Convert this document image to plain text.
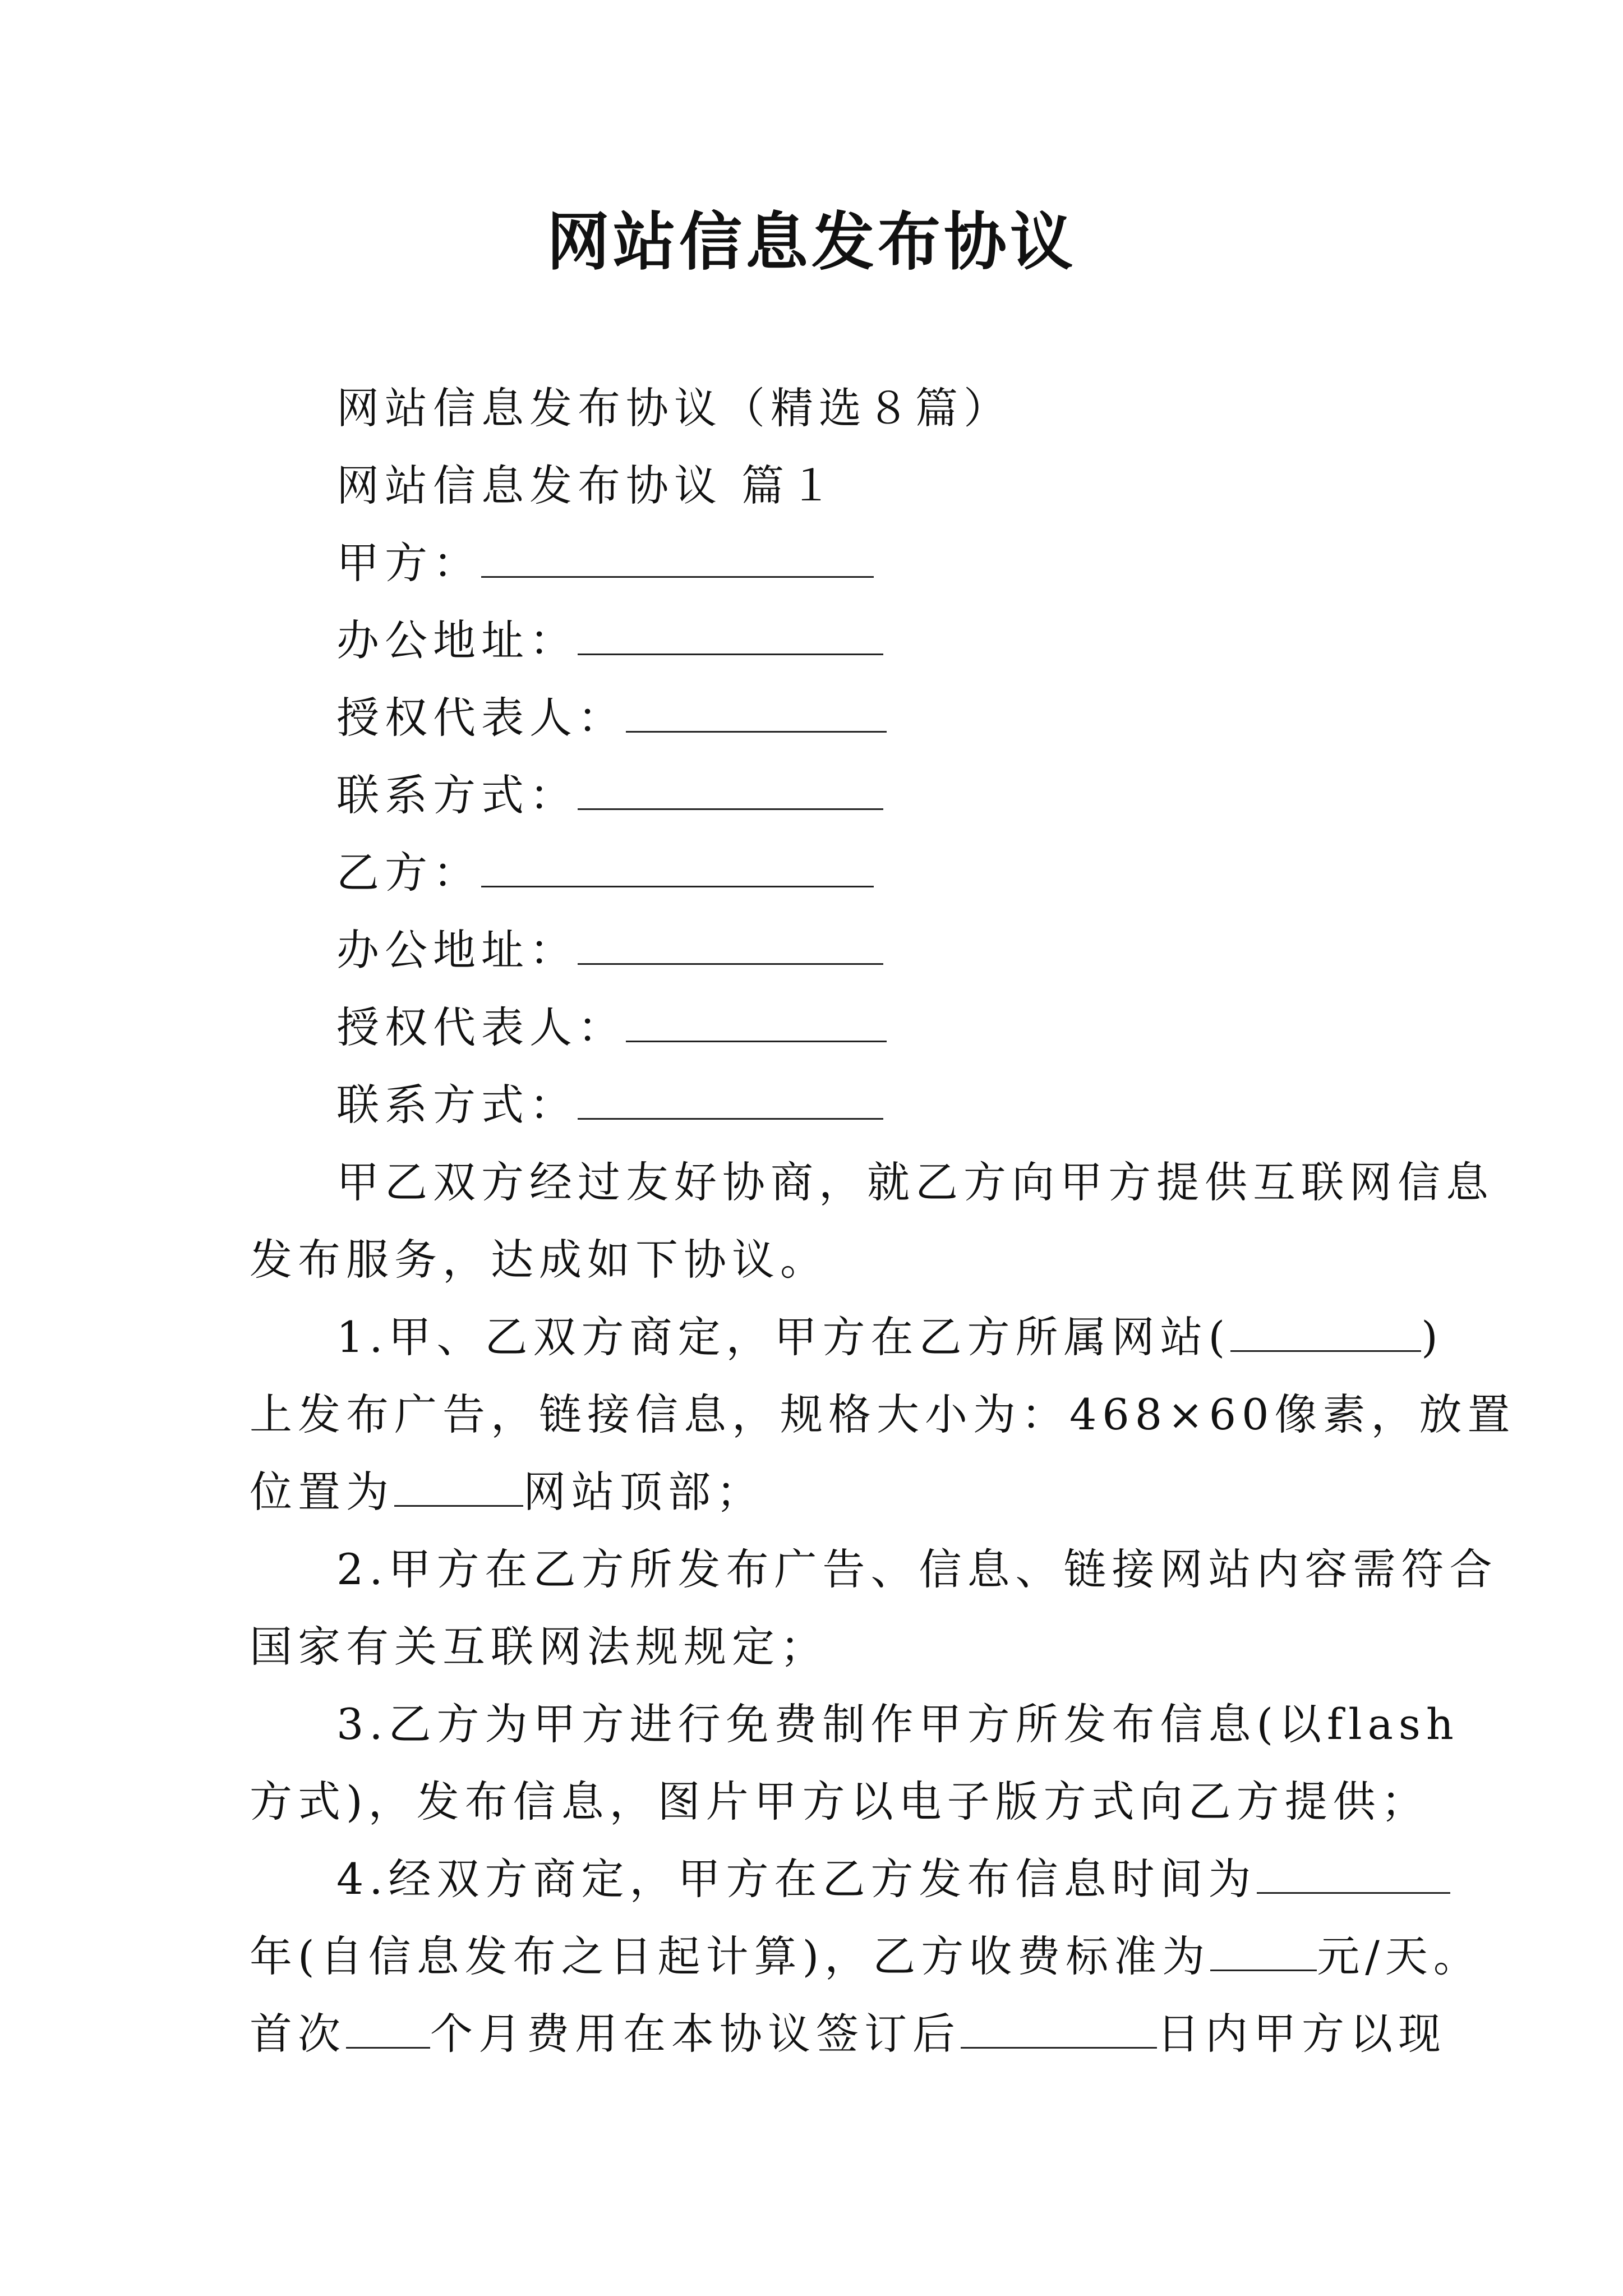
网站信息发布协议
网站信息发布协议（精选８篇）
网站信息发布协议 篇１
甲方：
办公地址：
授权代表人：
联系方式：
乙方：
办公地址：
授权代表人：
联系方式：
甲乙双方经过友好协商，就乙方向甲方提供互联网信息
发布服务，达成如下协议。
1.甲、乙双方商定，甲方在乙方所属网站(	)
上发布广告，链接信息，规格大小为：468×60像素，放置
位置为	网站顶部；
2.甲方在乙方所发布广告、信息、链接网站内容需符合
国家有关互联网法规规定；
3.乙方为甲方进行免费制作甲方所发布信息(以flash
方式)，发布信息，图片甲方以电子版方式向乙方提供；
4.经双方商定，甲方在乙方发布信息时间为
年(自信息发布之日起计算)，乙方收费标准为	元/天。
首次 个月费用在本协议签订后	日内甲方以现
